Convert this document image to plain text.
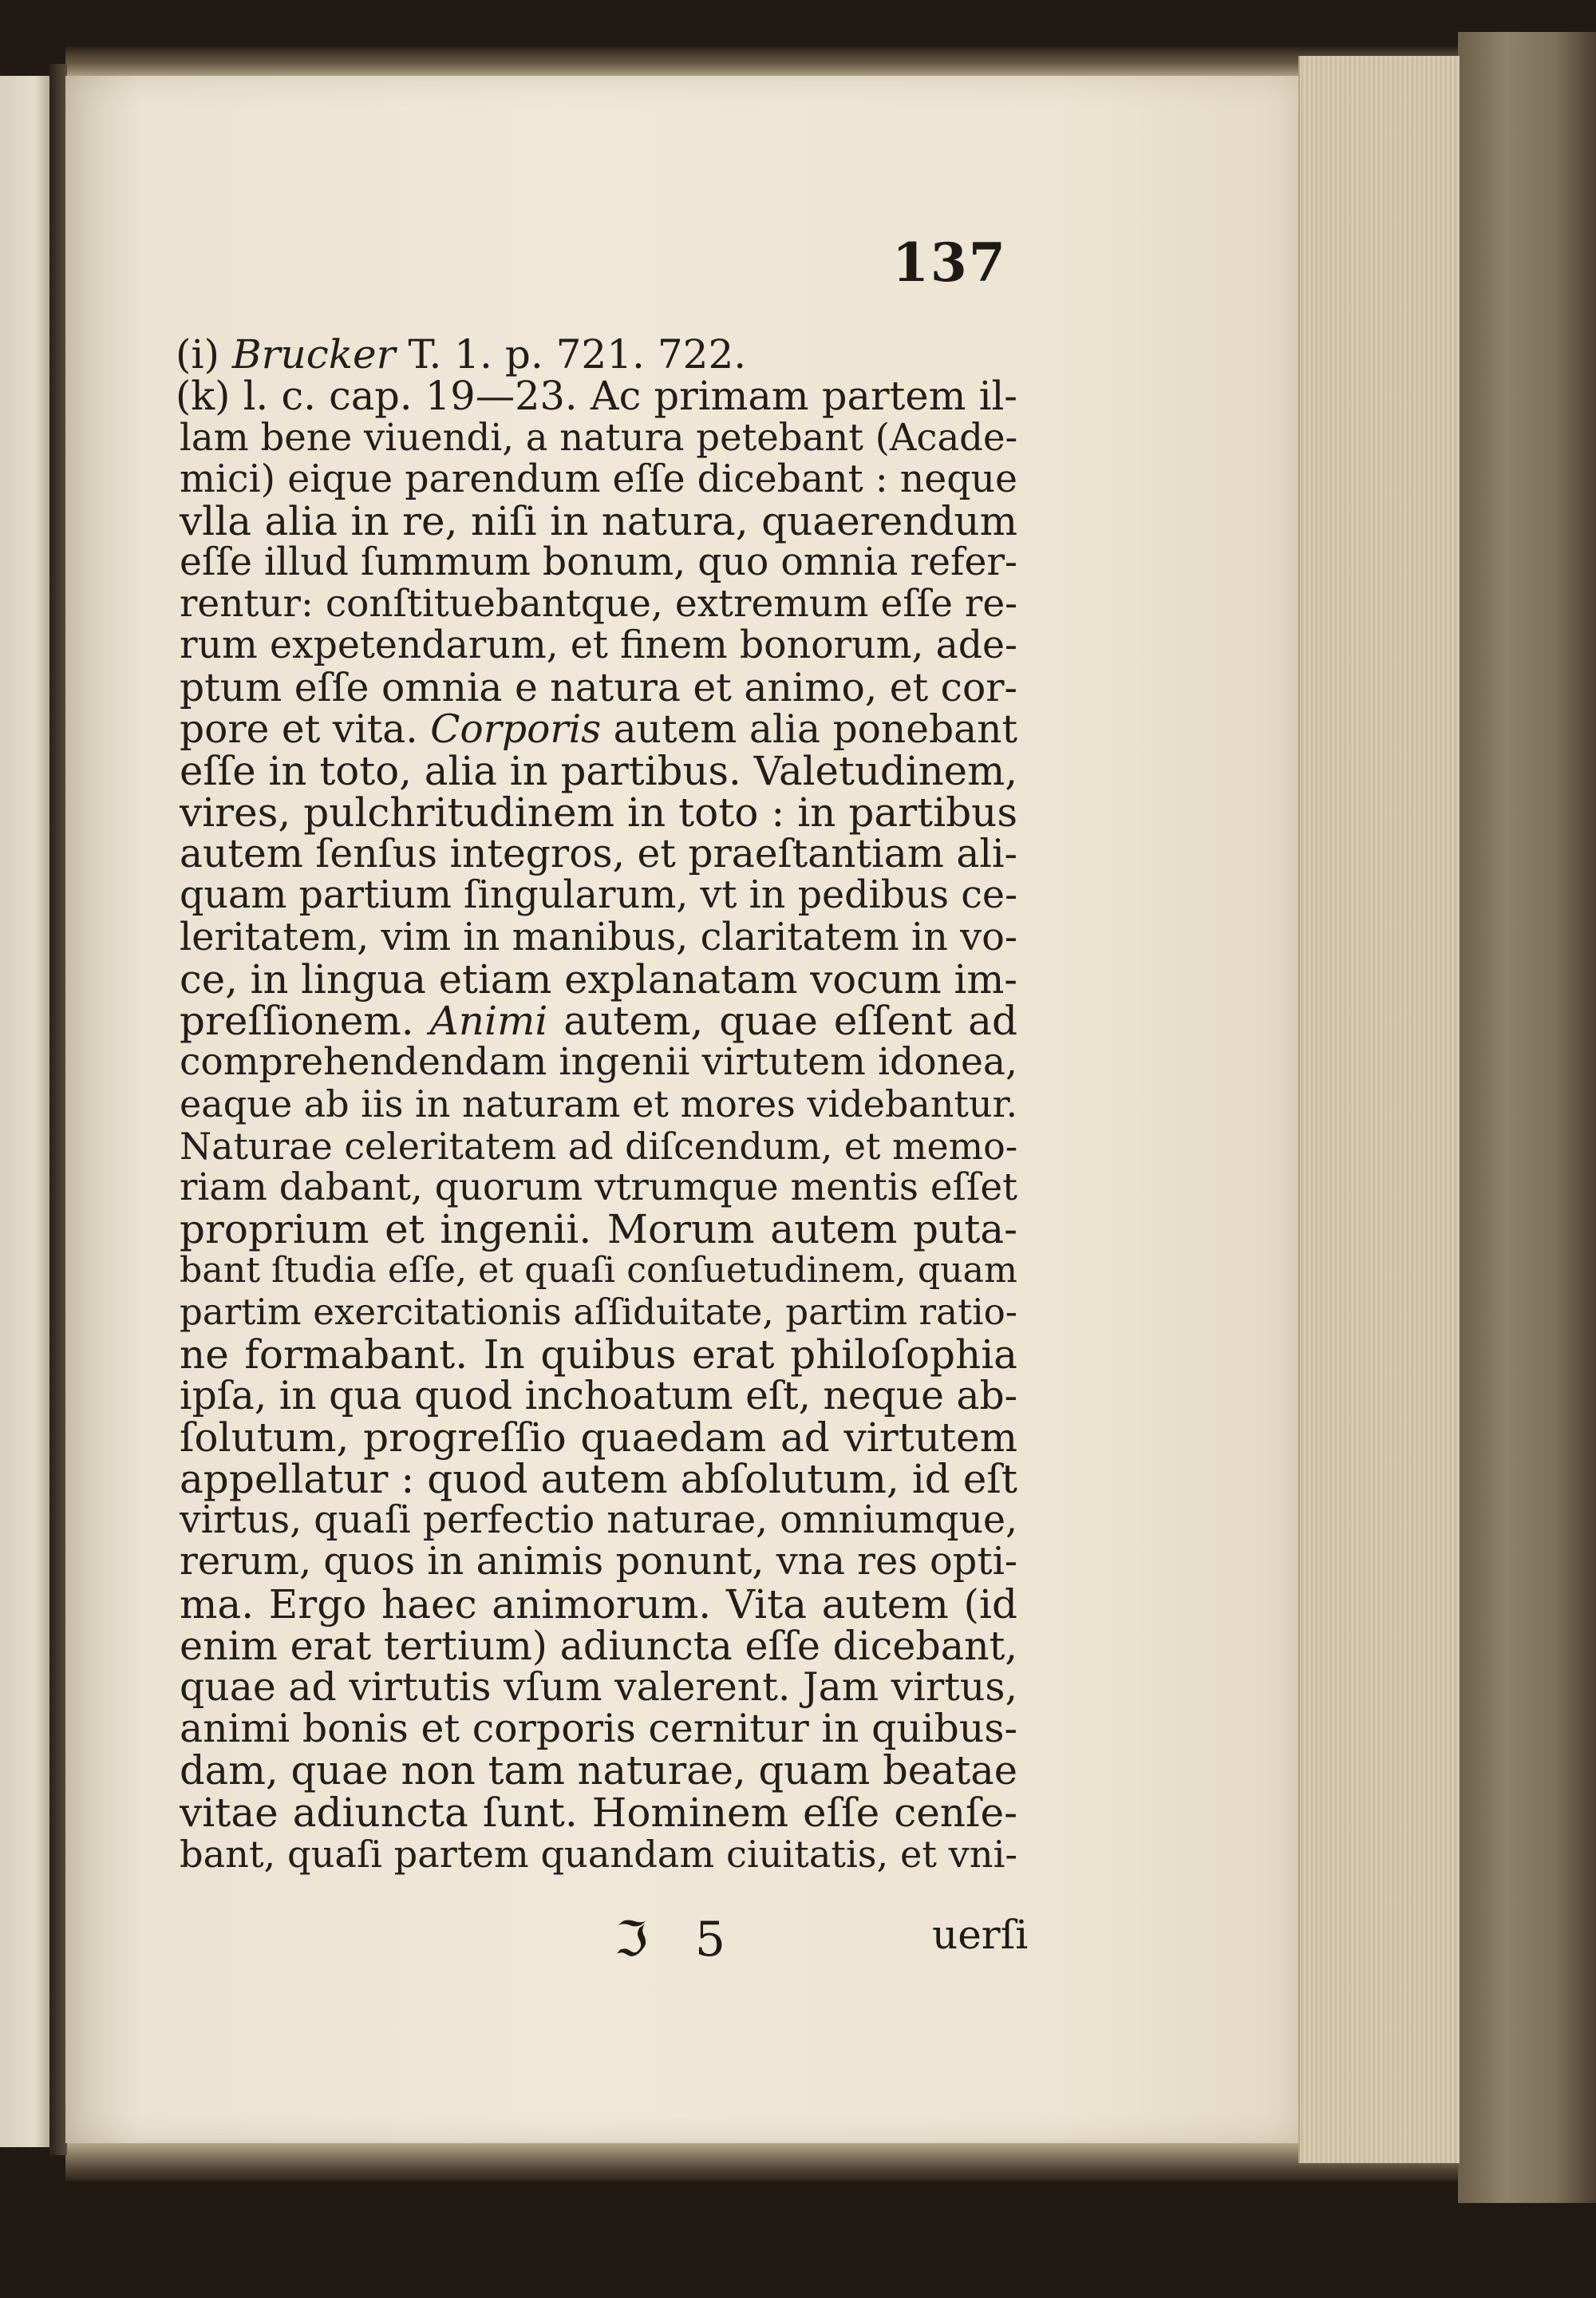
137
(i) Brucker T. 1. p. 721. 722.
(k) l. c. cap. 19—23. Ac primam partem il-
lam bene viuendi, a natura petebant (Acade-
mici) eique parendum eſſe dicebant : neque
vlla alia in re, niſi in natura, quaerendum
eſſe illud ſummum bonum, quo omnia refer-
rentur: conſtituebantque, extremum eſſe re-
rum expetendarum, et finem bonorum, ade-
ptum eſſe omnia e natura et animo, et cor-
pore et vita. Corporis autem alia ponebant
eſſe in toto, alia in partibus. Valetudinem,
vires, pulchritudinem in toto : in partibus
autem ſenſus integros, et praeſtantiam ali-
quam partium ſingularum, vt in pedibus ce-
leritatem, vim in manibus, claritatem in vo-
ce, in lingua etiam explanatam vocum im-
preſſionem. Animi autem, quae eſſent ad
comprehendendam ingenii virtutem idonea,
eaque ab iis in naturam et mores videbantur.
Naturae celeritatem ad diſcendum, et memo-
riam dabant, quorum vtrumque mentis eſſet
proprium et ingenii. Morum autem puta-
bant ſtudia eſſe, et quaſi conſuetudinem, quam
partim exercitationis aſſiduitate, partim ratio-
ne formabant. In quibus erat philoſophia
ipſa, in qua quod inchoatum eſt, neque ab-
ſolutum, progreſſio quaedam ad virtutem
appellatur : quod autem abſolutum, id eſt
virtus, quaſi perfectio naturae, omniumque,
rerum, quos in animis ponunt, vna res opti-
ma. Ergo haec animorum. Vita autem (id
enim erat tertium) adiuncta eſſe dicebant,
quae ad virtutis vſum valerent. Jam virtus,
animi bonis et corporis cernitur in quibus-
dam, quae non tam naturae, quam beatae
vitae adiuncta ſunt. Hominem eſſe cenſe-
bant, quaſi partem quandam ciuitatis, et vni-
ℑ 5	uerſi
